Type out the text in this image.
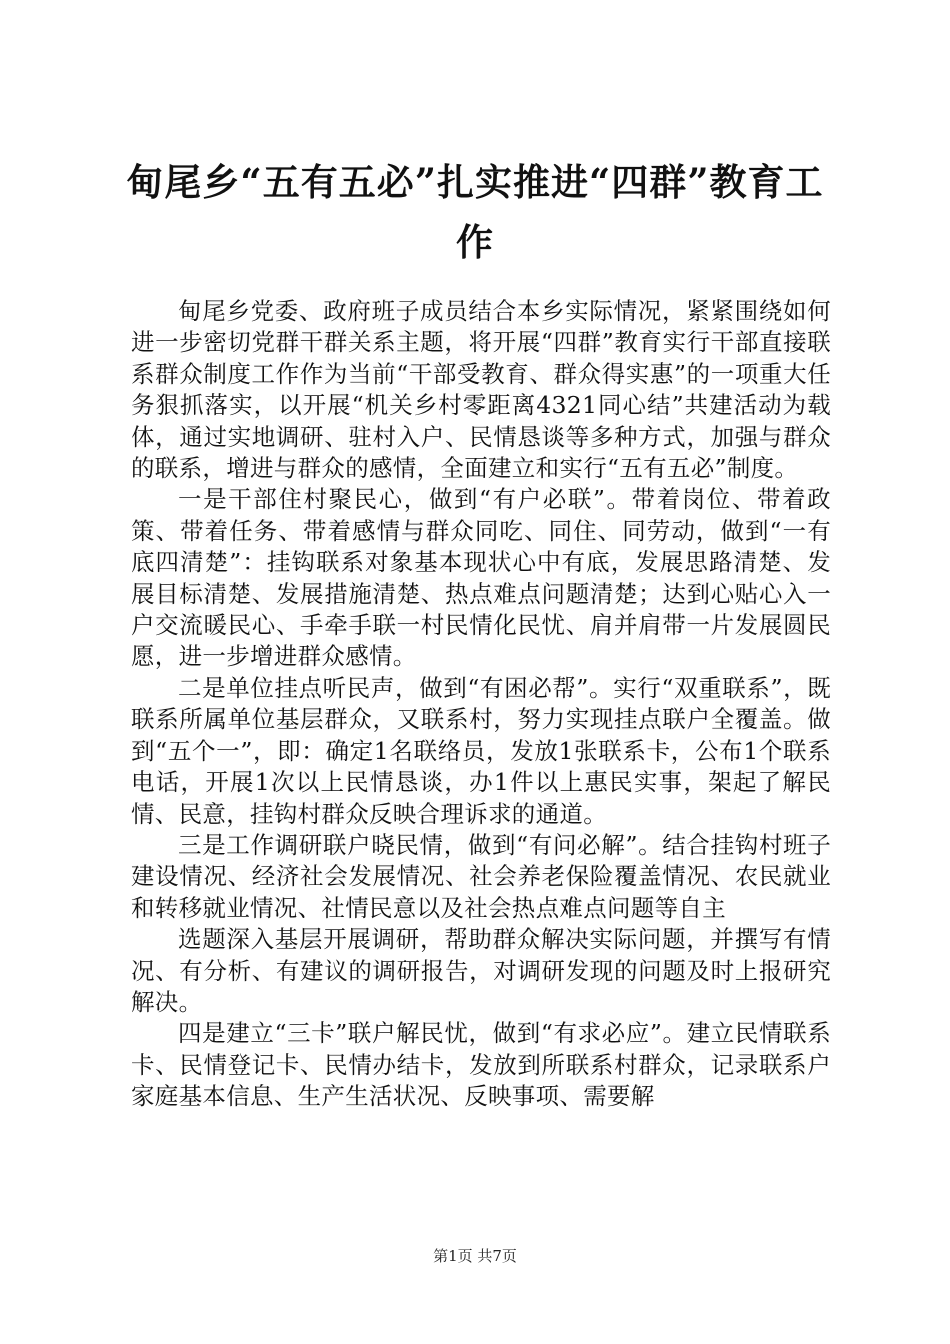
甸尾乡“五有五必”扎实推进“四群”教育工作

甸尾乡党委、政府班子成员结合本乡实际情况，紧紧围绕如何进一步密切党群干群关系主题，将开展“四群”教育实行干部直接联系群众制度工作作为当前“干部受教育、群众得实惠”的一项重大任务狠抓落实，以开展“机关乡村零距离4321同心结”共建活动为载体，通过实地调研、驻村入户、民情恳谈等多种方式，加强与群众的联系，增进与群众的感情，全面建立和实行“五有五必”制度。

一是干部住村聚民心，做到“有户必联”。带着岗位、带着政策、带着任务、带着感情与群众同吃、同住、同劳动，做到“一有底四清楚”：挂钩联系对象基本现状心中有底，发展思路清楚、发展目标清楚、发展措施清楚、热点难点问题清楚；达到心贴心入一户交流暖民心、手牵手联一村民情化民忧、肩并肩带一片发展圆民愿，进一步增进群众感情。

二是单位挂点听民声，做到“有困必帮”。实行“双重联系”，既联系所属单位基层群众，又联系村，努力实现挂点联户全覆盖。做到“五个一”，即：确定1名联络员，发放1张联系卡，公布1个联系电话，开展1次以上民情恳谈，办1件以上惠民实事，架起了解民情、民意，挂钩村群众反映合理诉求的通道。

三是工作调研联户晓民情，做到“有问必解”。结合挂钩村班子建设情况、经济社会发展情况、社会养老保险覆盖情况、农民就业和转移就业情况、社情民意以及社会热点难点问题等自主

选题深入基层开展调研，帮助群众解决实际问题，并撰写有情况、有分析、有建议的调研报告，对调研发现的问题及时上报研究解决。

四是建立“三卡”联户解民忧，做到“有求必应”。建立民情联系卡、民情登记卡、民情办结卡，发放到所联系村群众，记录联系户家庭基本信息、生产生活状况、反映事项、需要解

第1页 共7页
